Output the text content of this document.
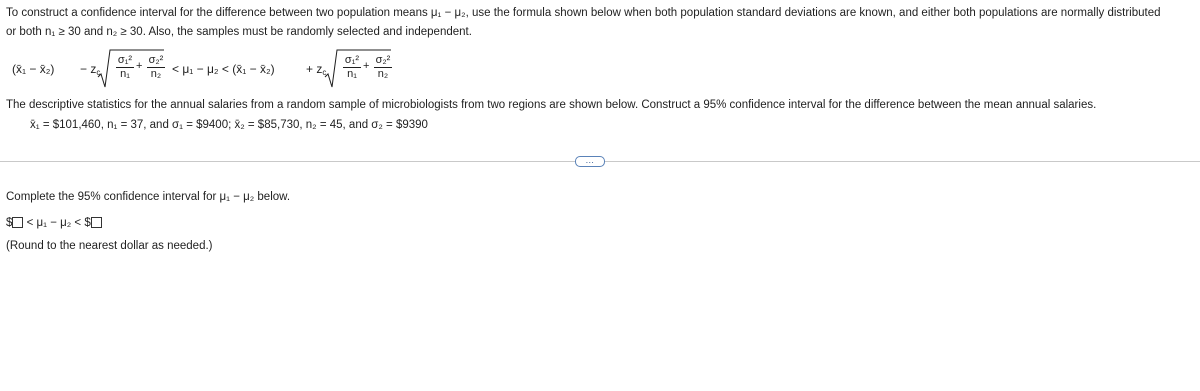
To construct a confidence interval for the difference between two population means μ₁ − μ₂, use the formula shown below when both population standard deviations are known, and either both populations are normally distributed
or both n₁ ≥ 30 and n₂ ≥ 30. Also, the samples must be randomly selected and independent.
(x̄₁ − x̄₂) − $z_c \frac{\text{σ₁²}}{\text{n₁}} + \frac{\text{σ₂²}}{\text{n₂}} < \mu_1 - \mu_2$ < (x̄₁ − x̄₂)	+ $z_c \frac{\text{σ₁²}}{\text{n₁}} + \frac{\text{σ₂²}}{\text{n₂}}$
The descriptive statistics for the annual salaries from a random sample of microbiologists from two regions are shown below. Construct a 95% confidence interval for the difference between the mean annual salaries.
x̄₁ = $101,460, n₁ = 37, and σ₁ = $9400; x̄₂ = $85,730, n₂ = 45, and σ₂ = $9390
…
Complete the 95% confidence interval for μ₁ − μ₂ below.
$ < μ₁ − μ₂ < $
(Round to the nearest dollar as needed.)
